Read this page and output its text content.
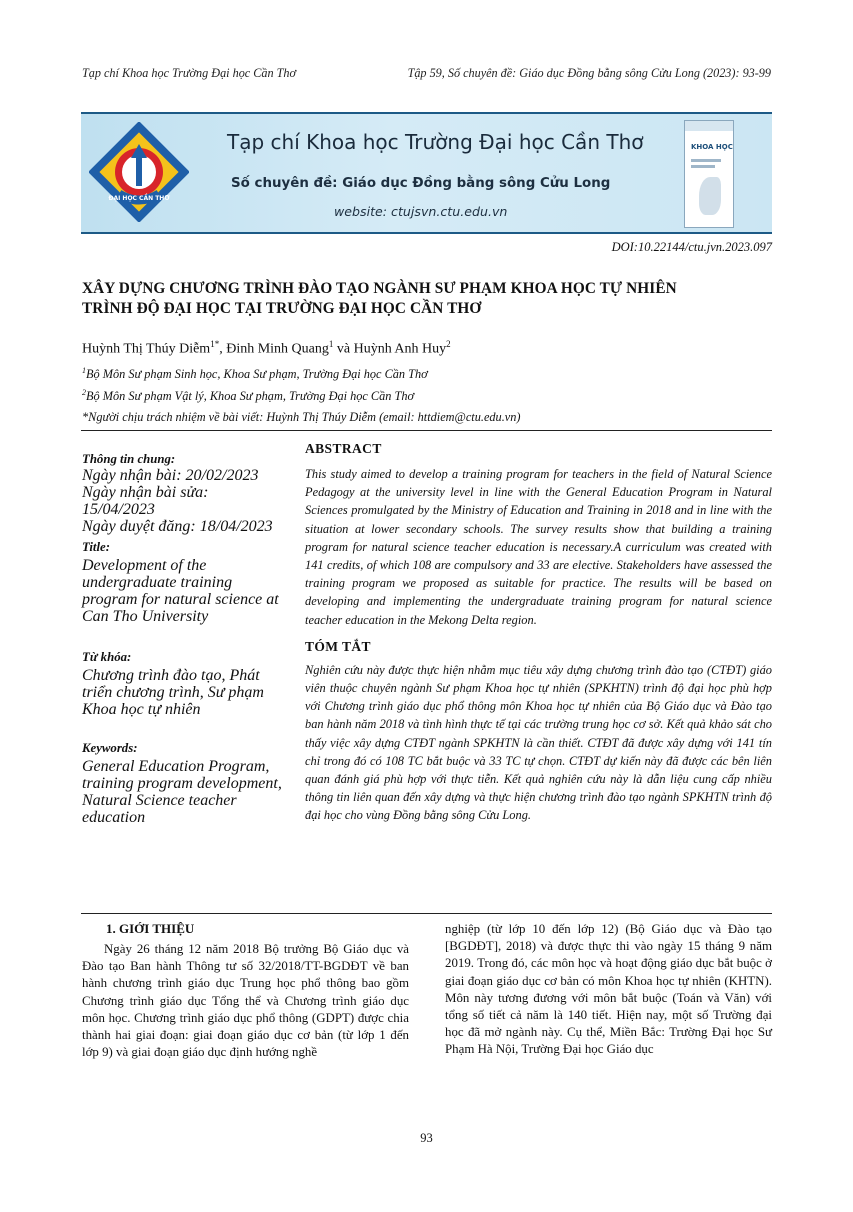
Tạp chí Khoa học Trường Đại học Cần Thơ	Tập 59, Số chuyên đề: Giáo dục Đồng bằng sông Cửu Long (2023): 93-99
ĐẠI HỌC CẦN THƠ
Tạp chí Khoa học Trường Đại học Cần Thơ
Số chuyên đề: Giáo dục Đồng bằng sông Cửu Long
website: ctujsvn.ctu.edu.vn
KHOA HỌC
DOI:10.22144/ctu.jvn.2023.097
XÂY DỰNG CHƯƠNG TRÌNH ĐÀO TẠO NGÀNH SƯ PHẠM KHOA HỌC TỰ NHIÊN
TRÌNH ĐỘ ĐẠI HỌC TẠI TRƯỜNG ĐẠI HỌC CẦN THƠ
Huỳnh Thị Thúy Diễm$^{1*}$, Đinh Minh Quang$^1$ và Huỳnh Anh Huy$^2$
$^1$Bộ Môn Sư phạm Sinh học, Khoa Sư phạm, Trường Đại học Cần Thơ
$^2$Bộ Môn Sư phạm Vật lý, Khoa Sư phạm, Trường Đại học Cần Thơ
*Người chịu trách nhiệm về bài viết: Huỳnh Thị Thúy Diễm (email: httdiem@ctu.edu.vn)

Thông tin chung:

Ngày nhận bài: 20/02/2023

Ngày nhận bài sửa: 15/04/2023

Ngày duyệt đăng: 18/04/2023

Title:

Development of the

undergraduate training

program for natural science at

Can Tho University

Từ khóa:

Chương trình đào tạo, Phát

triển chương trình, Sư phạm

Khoa học tự nhiên

Keywords:

General Education Program,

training program development,

Natural Science teacher

education

ABSTRACT

This study aimed to develop a training program for teachers in the field of Natural Science Pedagogy at the university level in line with the General Education Program in Natural Sciences promulgated by the Ministry of Education and Training in 2018 and in line with the situation at lower secondary schools. The survey results show that building a training program for natural science teacher education is necessary.A curriculum was created with 141 credits, of which 108 are compulsory and 33 are elective. Stakeholders have assessed the training program we proposed as suitable for practice. The results will be based on developing and implementing the undergraduate training program for natural science teacher education in the Mekong Delta region.

TÓM TẮT

Nghiên cứu này được thực hiện nhằm mục tiêu xây dựng chương trình đào tạo (CTĐT) giáo viên thuộc chuyên ngành Sư phạm Khoa học tự nhiên (SPKHTN) trình độ đại học phù hợp với Chương trình giáo dục phổ thông môn Khoa học tự nhiên của Bộ Giáo dục và Đào tạo ban hành năm 2018 và tình hình thực tế tại các trường trung học cơ sở. Kết quả khảo sát cho thấy việc xây dựng CTĐT ngành SPKHTN là cần thiết. CTĐT đã được xây dựng với 141 tín chỉ trong đó có 108 TC bắt buộc và 33 TC tự chọn. CTĐT dự kiến này đã được các bên liên quan đánh giá phù hợp với thực tiễn. Kết quả nghiên cứu này là dẫn liệu cung cấp nhiều thông tin liên quan đến xây dựng và thực hiện chương trình đào tạo ngành SPKHTN trình độ đại học cho vùng Đồng bằng sông Cửu Long.

1. GIỚI THIỆU
Ngày 26 tháng 12 năm 2018 Bộ trưởng Bộ Giáo dục và Đào tạo Ban hành Thông tư số 32/2018/TT-BGDĐT về ban hành chương trình giáo dục Trung học phổ thông bao gồm Chương trình giáo dục Tổng thể và Chương trình giáo dục môn học. Chương trình giáo dục phổ thông (GDPT) được chia thành hai giai đoạn: giai đoạn giáo dục cơ bản (từ lớp 1 đến lớp 9) và giai đoạn giáo dục định hướng nghề
nghiệp (từ lớp 10 đến lớp 12) (Bộ Giáo dục và Đào tạo [BGDĐT], 2018) và được thực thi vào ngày 15 tháng 9 năm 2019. Trong đó, các môn học và hoạt động giáo dục bắt buộc ở giai đoạn giáo dục cơ bản có môn Khoa học tự nhiên (KHTN). Môn này tương đương với môn bắt buộc (Toán và Văn) với tổng số tiết cả năm là 140 tiết. Hiện nay, một số Trường đại học đã mở ngành này. Cụ thể, Miền Bắc: Trường Đại học Sư Phạm Hà Nội, Trường Đại học Giáo dục
93
